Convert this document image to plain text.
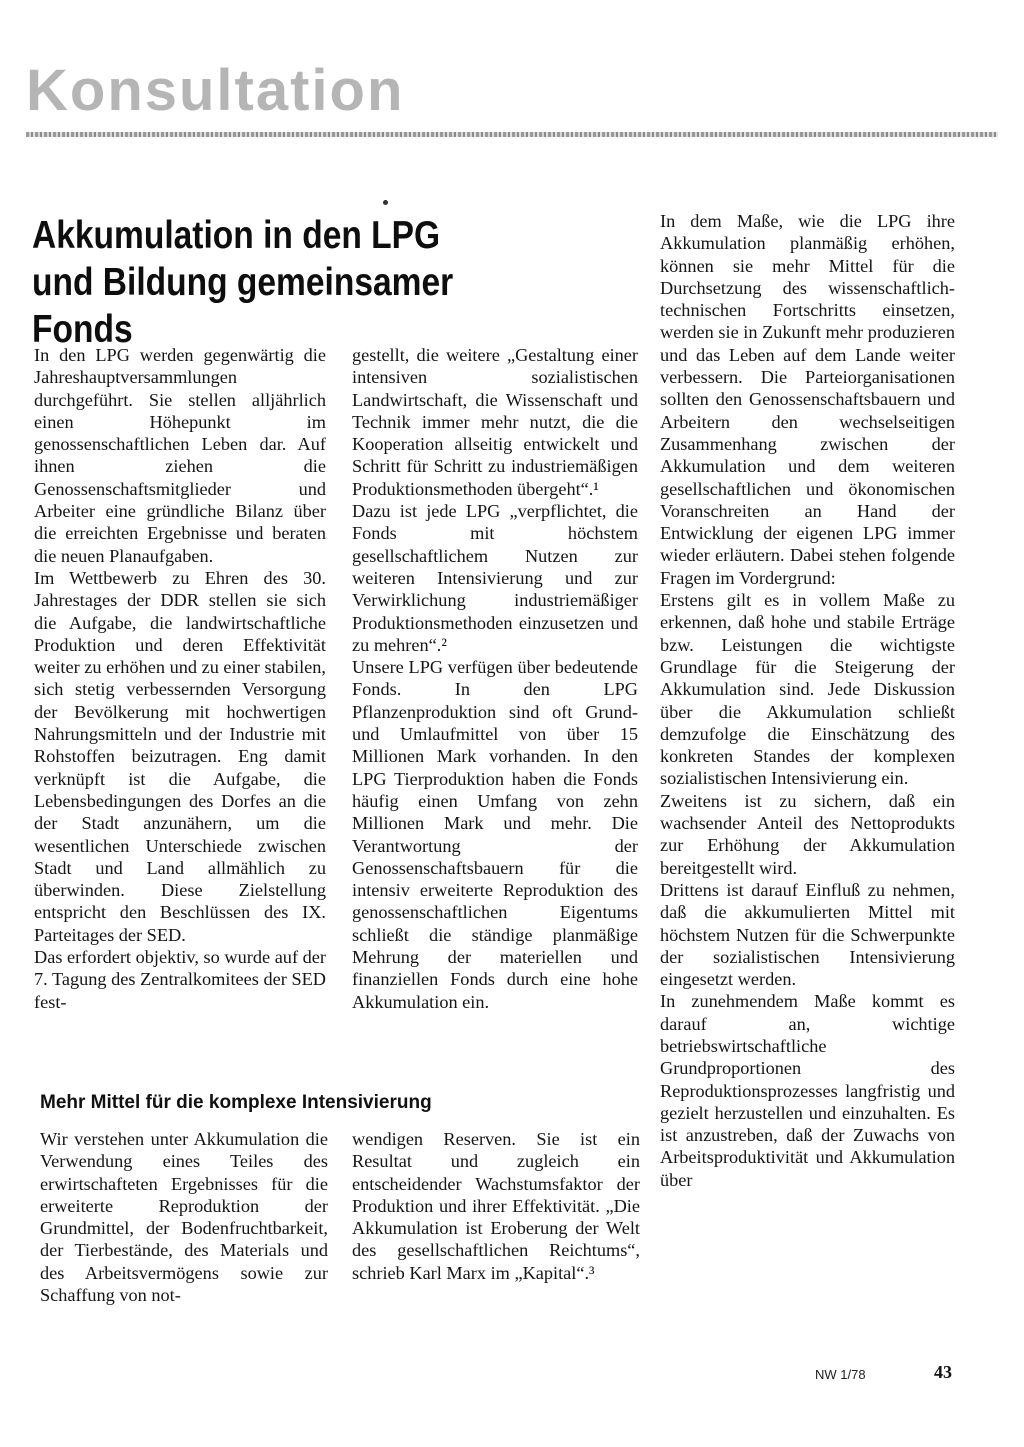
Konsultation
Akkumulation in den LPG
und Bildung gemeinsamer Fonds

In den LPG werden gegenwärtig die Jahreshauptversammlungen durchgeführt. Sie stellen alljährlich einen Höhepunkt im genossenschaftlichen Leben dar. Auf ihnen ziehen die Genossenschaftsmitglieder und Arbeiter eine gründliche Bilanz über die erreichten Ergebnisse und beraten die neuen Planaufgaben.

Im Wettbewerb zu Ehren des 30. Jahrestages der DDR stellen sie sich die Aufgabe, die landwirtschaftliche Produktion und deren Effektivität weiter zu erhöhen und zu einer stabilen, sich stetig verbessernden Versorgung der Bevölkerung mit hochwertigen Nahrungsmitteln und der Industrie mit Rohstoffen beizutragen. Eng damit verknüpft ist die Aufgabe, die Lebensbedingungen des Dorfes an die der Stadt anzunähern, um die wesentlichen Unterschiede zwischen Stadt und Land allmählich zu überwinden. Diese Zielstellung entspricht den Beschlüssen des IX. Parteitages der SED.

Das erfordert objektiv, so wurde auf der 7. Tagung des Zentralkomitees der SED fest-

gestellt, die weitere „Gestaltung einer intensiven sozialistischen Landwirtschaft, die Wissenschaft und Technik immer mehr nutzt, die die Kooperation allseitig entwickelt und Schritt für Schritt zu industriemäßigen Produktionsmethoden übergeht“.¹

Dazu ist jede LPG „verpflichtet, die Fonds mit höchstem gesellschaftlichem Nutzen zur weiteren Intensivierung und zur Verwirklichung industriemäßiger Produktionsmethoden einzusetzen und zu mehren“.²

Unsere LPG verfügen über bedeutende Fonds. In den LPG Pflanzenproduktion sind oft Grund- und Umlaufmittel von über 15 Millionen Mark vorhanden. In den LPG Tierproduktion haben die Fonds häufig einen Umfang von zehn Millionen Mark und mehr. Die Verantwortung der Genossenschaftsbauern für die intensiv erweiterte Reproduktion des genossenschaftlichen Eigentums schließt die ständige planmäßige Mehrung der materiellen und finanziellen Fonds durch eine hohe Akkumulation ein.

Mehr Mittel für die komplexe Intensivierung

Wir verstehen unter Akkumulation die Verwendung eines Teiles des erwirtschafteten Ergebnisses für die erweiterte Reproduktion der Grundmittel, der Bodenfruchtbarkeit, der Tierbestände, des Materials und des Arbeitsvermögens sowie zur Schaffung von not-

wendigen Reserven. Sie ist ein Resultat und zugleich ein entscheidender Wachstumsfaktor der Produktion und ihrer Effektivität. „Die Akkumulation ist Eroberung der Welt des gesellschaftlichen Reichtums“, schrieb Karl Marx im „Kapital“.³

In dem Maße, wie die LPG ihre Akkumulation planmäßig erhöhen, können sie mehr Mittel für die Durchsetzung des wissenschaftlich-technischen Fortschritts einsetzen, werden sie in Zukunft mehr produzieren und das Leben auf dem Lande weiter verbessern. Die Parteiorganisationen sollten den Genossenschaftsbauern und Arbeitern den wechselseitigen Zusammenhang zwischen der Akkumulation und dem weiteren gesellschaftlichen und ökonomischen Voranschreiten an Hand der Entwicklung der eigenen LPG immer wieder erläutern. Dabei stehen folgende Fragen im Vordergrund:

Erstens gilt es in vollem Maße zu erkennen, daß hohe und stabile Erträge bzw. Leistungen die wichtigste Grundlage für die Steigerung der Akkumulation sind. Jede Diskussion über die Akkumulation schließt demzufolge die Einschätzung des konkreten Standes der komplexen sozialistischen Intensivierung ein.

Zweitens ist zu sichern, daß ein wachsender Anteil des Nettoprodukts zur Erhöhung der Akkumulation bereitgestellt wird.

Drittens ist darauf Einfluß zu nehmen, daß die akkumulierten Mittel mit höchstem Nutzen für die Schwerpunkte der sozialistischen Intensivierung eingesetzt werden.

In zunehmendem Maße kommt es darauf an, wichtige betriebswirtschaftliche Grundproportionen des Reproduktionsprozesses langfristig und gezielt herzustellen und einzuhalten. Es ist anzustreben, daß der Zuwachs von Arbeitsproduktivität und Akkumulation über

NW 1/78	43
